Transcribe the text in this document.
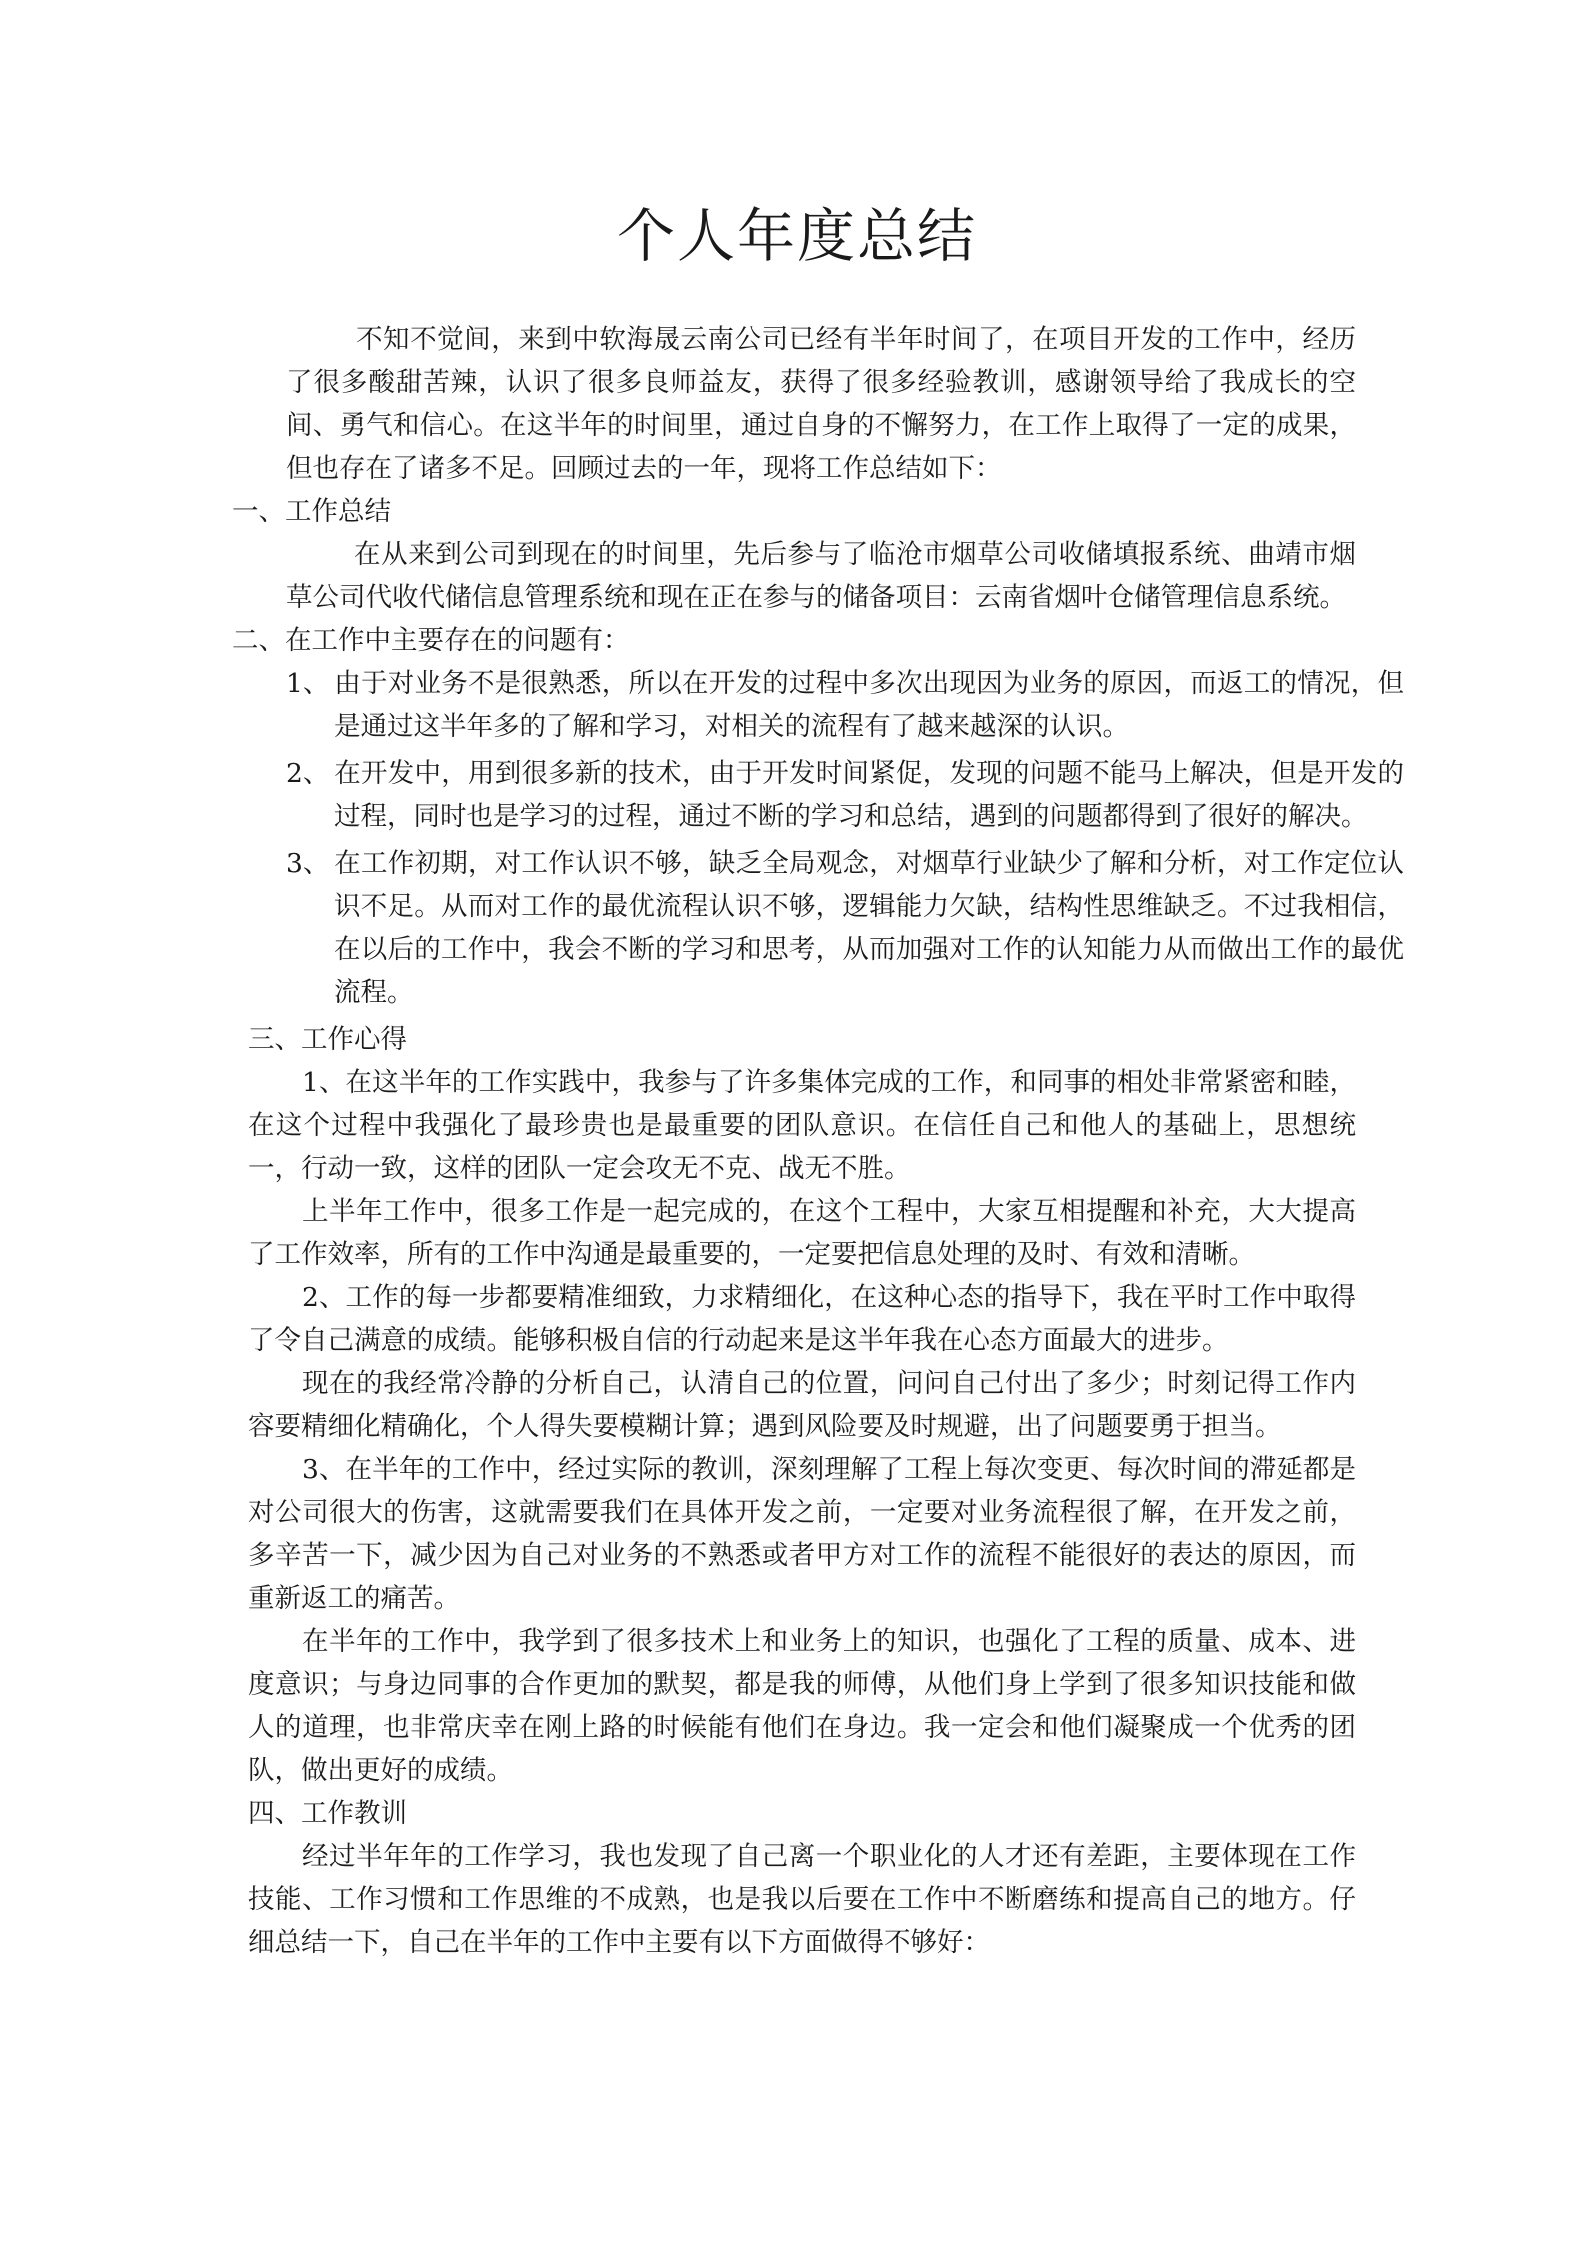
个人年度总结

不知不觉间，来到中软海晟云南公司已经有半年时间了，在项目开发的工作中，经历了很多酸甜苦辣，认识了很多良师益友，获得了很多经验教训，感谢领导给了我成长的空间、勇气和信心。在这半年的时间里，通过自身的不懈努力，在工作上取得了一定的成果，但也存在了诸多不足。回顾过去的一年，现将工作总结如下：

一、工作总结

在从来到公司到现在的时间里，先后参与了临沧市烟草公司收储填报系统、曲靖市烟草公司代收代储信息管理系统和现在正在参与的储备项目：云南省烟叶仓储管理信息系统。

二、在工作中主要存在的问题有：

1、 由于对业务不是很熟悉，所以在开发的过程中多次出现因为业务的原因，而返工的情况，但是通过这半年多的了解和学习，对相关的流程有了越来越深的认识。

2、 在开发中，用到很多新的技术，由于开发时间紧促，发现的问题不能马上解决，但是开发的过程，同时也是学习的过程，通过不断的学习和总结，遇到的问题都得到了很好的解决。

3、 在工作初期，对工作认识不够，缺乏全局观念，对烟草行业缺少了解和分析，对工作定位认识不足。从而对工作的最优流程认识不够，逻辑能力欠缺，结构性思维缺乏。不过我相信，在以后的工作中，我会不断的学习和思考，从而加强对工作的认知能力从而做出工作的最优流程。

三、工作心得

1、在这半年的工作实践中，我参与了许多集体完成的工作，和同事的相处非常紧密和睦，在这个过程中我强化了最珍贵也是最重要的团队意识。在信任自己和他人的基础上，思想统一，行动一致，这样的团队一定会攻无不克、战无不胜。

上半年工作中，很多工作是一起完成的，在这个工程中，大家互相提醒和补充，大大提高了工作效率，所有的工作中沟通是最重要的，一定要把信息处理的及时、有效和清晰。

2、工作的每一步都要精准细致，力求精细化，在这种心态的指导下，我在平时工作中取得了令自己满意的成绩。能够积极自信的行动起来是这半年我在心态方面最大的进步。

现在的我经常冷静的分析自己，认清自己的位置，问问自己付出了多少；时刻记得工作内容要精细化精确化，个人得失要模糊计算；遇到风险要及时规避，出了问题要勇于担当。

3、在半年的工作中，经过实际的教训，深刻理解了工程上每次变更、每次时间的滞延都是对公司很大的伤害，这就需要我们在具体开发之前，一定要对业务流程很了解，在开发之前，多辛苦一下，减少因为自己对业务的不熟悉或者甲方对工作的流程不能很好的表达的原因，而重新返工的痛苦。

在半年的工作中，我学到了很多技术上和业务上的知识，也强化了工程的质量、成本、进度意识；与身边同事的合作更加的默契，都是我的师傅，从他们身上学到了很多知识技能和做人的道理，也非常庆幸在刚上路的时候能有他们在身边。我一定会和他们凝聚成一个优秀的团队，做出更好的成绩。

四、工作教训

经过半年年的工作学习，我也发现了自己离一个职业化的人才还有差距，主要体现在工作技能、工作习惯和工作思维的不成熟，也是我以后要在工作中不断磨练和提高自己的地方。仔细总结一下，自己在半年的工作中主要有以下方面做得不够好：
